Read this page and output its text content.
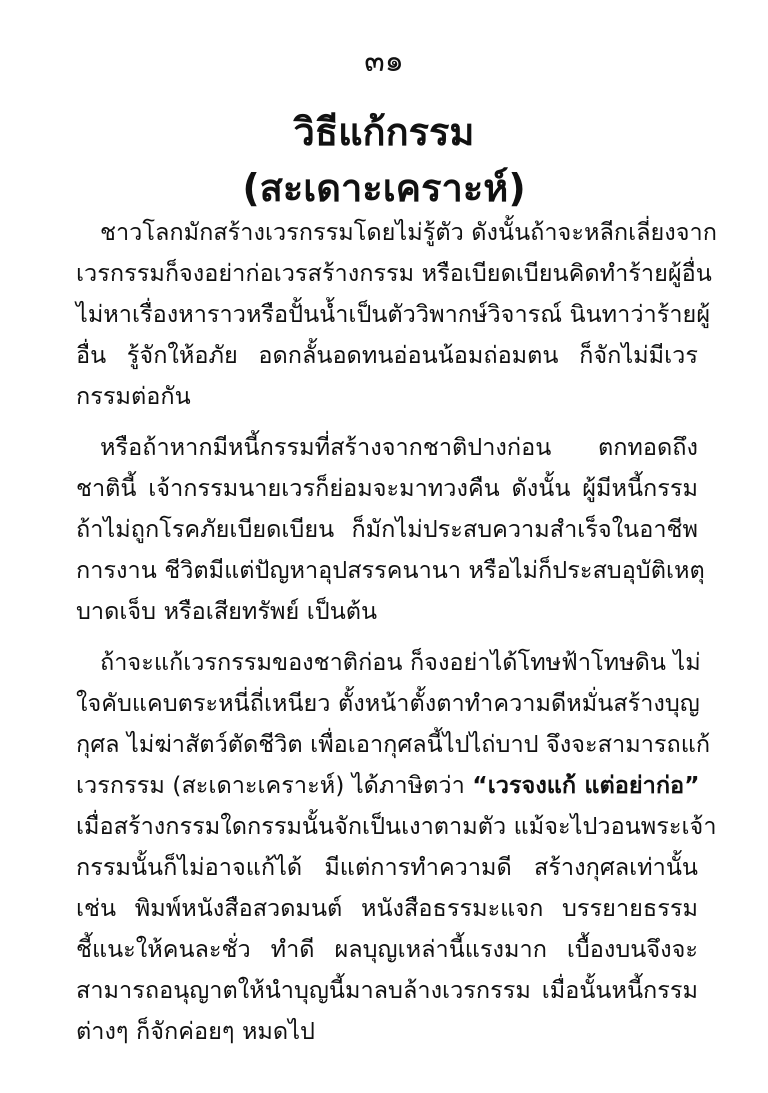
๓๑
วิธีแก้กรรม
(สะเดาะเคราะห์)
ชาวโลกมักสร้างเวรกรรมโดยไม่รู้ตัว ดังนั้นถ้าจะหลีกเลี่ยงจาก
เวรกรรมก็จงอย่าก่อเวรสร้างกรรม หรือเบียดเบียนคิดทำร้ายผู้อื่น
ไม่หาเรื่องหาราวหรือปั้นน้ำเป็นตัววิพากษ์วิจารณ์ นินทาว่าร้ายผู้
อื่น รู้จักให้อภัย อดกลั้นอดทนอ่อนน้อมถ่อมตน ก็จักไม่มีเวร
กรรมต่อกัน
หรือถ้าหากมีหนี้กรรมที่สร้างจากชาติปางก่อน ตกทอดถึง
ชาตินี้ เจ้ากรรมนายเวรก็ย่อมจะมาทวงคืน ดังนั้น ผู้มีหนี้กรรม
ถ้าไม่ถูกโรคภัยเบียดเบียน ก็มักไม่ประสบความสำเร็จในอาชีพ
การงาน ชีวิตมีแต่ปัญหาอุปสรรคนานา หรือไม่ก็ประสบอุบัติเหตุ
บาดเจ็บ หรือเสียทรัพย์ เป็นต้น
ถ้าจะแก้เวรกรรมของชาติก่อน ก็จงอย่าได้โทษฟ้าโทษดิน ไม่
ใจคับแคบตระหนี่ถี่เหนียว ตั้งหน้าตั้งตาทำความดีหมั่นสร้างบุญ
กุศล ไม่ฆ่าสัตว์ตัดชีวิต เพื่อเอากุศลนี้ไปไถ่บาป จึงจะสามารถแก้
เวรกรรม (สะเดาะเคราะห์) ได้ภาษิตว่า “เวรจงแก้ แต่อย่าก่อ”
เมื่อสร้างกรรมใดกรรมนั้นจักเป็นเงาตามตัว แม้จะไปวอนพระเจ้า
กรรมนั้นก็ไม่อาจแก้ได้ มีแต่การทำความดี สร้างกุศลเท่านั้น
เช่น พิมพ์หนังสือสวดมนต์ หนังสือธรรมะแจก บรรยายธรรม
ชี้แนะให้คนละชั่ว ทำดี ผลบุญเหล่านี้แรงมาก เบื้องบนจึงจะ
สามารถอนุญาตให้นำบุญนี้มาลบล้างเวรกรรม เมื่อนั้นหนี้กรรม
ต่างๆ ก็จักค่อยๆ หมดไป
